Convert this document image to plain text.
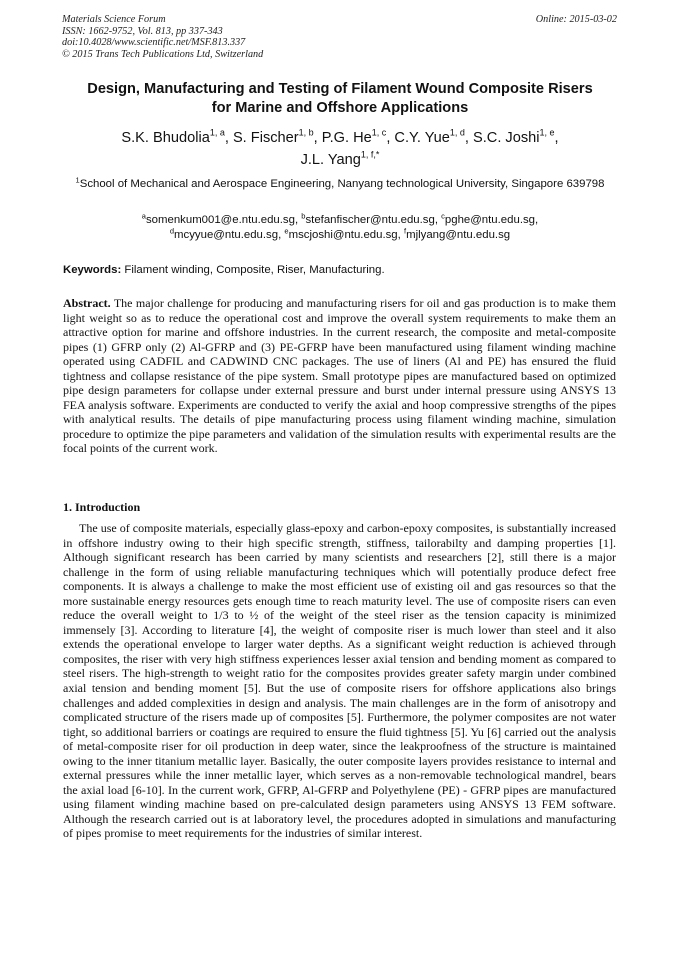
Materials Science Forum
ISSN: 1662-9752, Vol. 813, pp 337-343
doi:10.4028/www.scientific.net/MSF.813.337
© 2015 Trans Tech Publications Ltd, Switzerland
Online: 2015-03-02
Design, Manufacturing and Testing of Filament Wound Composite Risers
for Marine and Offshore Applications
S.K. Bhudolia$^{1, a}$, S. Fischer$^{1, b}$, P.G. He$^{1, c}$, C.Y. Yue$^{1, d}$, S.C. Joshi$^{1, e}$,
J.L. Yang$^{1, f,*}$
$^1$School of Mechanical and Aerospace Engineering, Nanyang technological University, Singapore 639798
$^a$somenkum001@e.ntu.edu.sg, $^b$stefanfischer@ntu.edu.sg, $^c$pghe@ntu.edu.sg,
$^d$mcyyue@ntu.edu.sg, $^e$mscjoshi@ntu.edu.sg, $^f$mjlyang@ntu.edu.sg
Keywords: Filament winding, Composite, Riser, Manufacturing.
Abstract. The major challenge for producing and manufacturing risers for oil and gas production is to make them light weight so as to reduce the operational cost and improve the overall system requirements to make them an attractive option for marine and offshore industries. In the current research, the composite and metal-composite pipes (1) GFRP only (2) Al-GFRP and (3) PE-GFRP have been manufactured using filament winding machine operated using CADFIL and CADWIND CNC packages. The use of liners (Al and PE) has ensured the fluid tightness and collapse resistance of the pipe system. Small prototype pipes are manufactured based on optimized pipe design parameters for collapse under external pressure and burst under internal pressure using ANSYS 13 FEA analysis software. Experiments are conducted to verify the axial and hoop compressive strengths of the pipes with analytical results. The details of pipe manufacturing process using filament winding machine, simulation procedure to optimize the pipe parameters and validation of the simulation results with experimental results are the focal points of the current work.
1. Introduction
The use of composite materials, especially glass-epoxy and carbon-epoxy composites, is substantially increased in offshore industry owing to their high specific strength, stiffness, tailorabilty and damping properties [1]. Although significant research has been carried by many scientists and researchers [2], still there is a major challenge in the form of using reliable manufacturing techniques which will potentially produce defect free components. It is always a challenge to make the most efficient use of existing oil and gas resources so that the more sustainable energy resources gets enough time to reach maturity level. The use of composite risers can even reduce the overall weight to 1/3 to ½ of the weight of the steel riser as the tension capacity is minimized immensely [3]. According to literature [4], the weight of composite riser is much lower than steel and it also extends the operational envelope to larger water depths. As a significant weight reduction is achieved through composites, the riser with very high stiffness experiences lesser axial tension and bending moment as compared to steel risers. The high-strength to weight ratio for the composites provides greater safety margin under combined axial tension and bending moment [5]. But the use of composite risers for offshore applications also brings challenges and added complexities in design and analysis. The main challenges are in the form of anisotropy and complicated structure of the risers made up of composites [5]. Furthermore, the polymer composites are not water tight, so additional barriers or coatings are required to ensure the fluid tightness [5]. Yu [6] carried out the analysis of metal-composite riser for oil production in deep water, since the leakproofness of the structure is maintained owing to the inner titanium metallic layer. Basically, the outer composite layers provides resistance to internal and external pressures while the inner metallic layer, which serves as a non-removable technological mandrel, bears the axial load [6-10]. In the current work, GFRP, Al-GFRP and Polyethylene (PE) - GFRP pipes are manufactured using filament winding machine based on pre-calculated design parameters using ANSYS 13 FEM software. Although the research carried out is at laboratory level, the procedures adopted in simulations and manufacturing of pipes promise to meet requirements for the industries of similar interest.
